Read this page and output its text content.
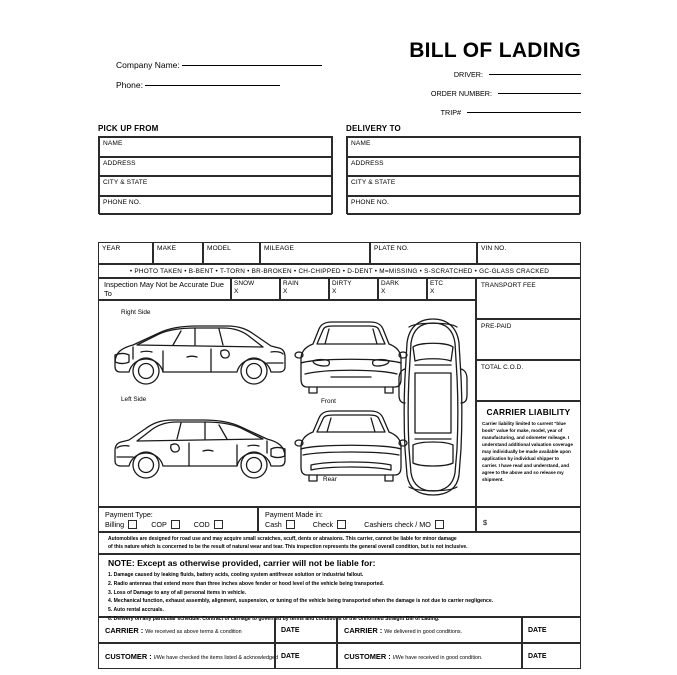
Company Name:
Phone:
BILL OF LADING
DRIVER:
ORDER NUMBER:
TRIP#
PICK UP FROM	DELIVERY TO
NAME
ADDRESS
CITY & STATE
PHONE NO.
NAME
ADDRESS
CITY & STATE
PHONE NO.
YEAR	MAKE	MODEL	MILEAGE	PLATE NO.	VIN NO.
• PHOTO TAKEN • B-BENT • T-TORN • BR-BROKEN • CH-CHIPPED • D-DENT • M=MISSING • S-SCRATCHED • GC-GLASS CRACKED
Inspection May Not be Accurate Due To
SNOW
X
RAIN
X
DIRTY
X
DARK
X
ETC
X
Right Side
Left Side	Front
Rear
TRANSPORT FEE
PRE-PAID
TOTAL C.O.D.
CARRIER LIABILITY

Carrier liability limited to current "blue book" value for make, model, year of manufacturing, and odometer mileage. I understand additional valuation coverage may individually be made available upon application by individual shipper to carrier. I have read and understand, and agree to the above and so release my shipment.

Payment Type:
Billing	COP	COD
Payment Made in:
Cash	Check	Cashiers check / MO	$

Automobiles are designed for road use and may acquire small scratches, scuff, dents or abrasions. This carrier, cannot be liable for minor damage

of this nature which is concerned to be the result of natural wear and tear. This inspection represents the general overall condition, but is not inclusive.

NOTE: Except as otherwise provided, carrier will not be liable for:
1. Damage caused by leaking fluids, battery acids, cooling system antifreeze solution or industrial fallout.
2. Radio antennas that extend more than three inches above fender or hood level of the vehicle being transported.
3. Loss of Damage to any of all personal items in vehicle.
4. Mechanical function, exhaust assembly, alignment, suspension, or tuning of the vehicle being transported when the damage is not due to carrier negligence.
5. Auto rental accruals.
6. Delivery on any particular schedule. Contract of carriage to governed by terms and conditions of the Uniformed Straight Bill of Lading.
CARRIER : We received as above terms & condition	DATE	CARRIER : We delivered in good conditions.	DATE
CUSTOMER : I/We have checked the items listed & acknowledged DATE	CUSTOMER : I/We have received in good condition.	DATE
